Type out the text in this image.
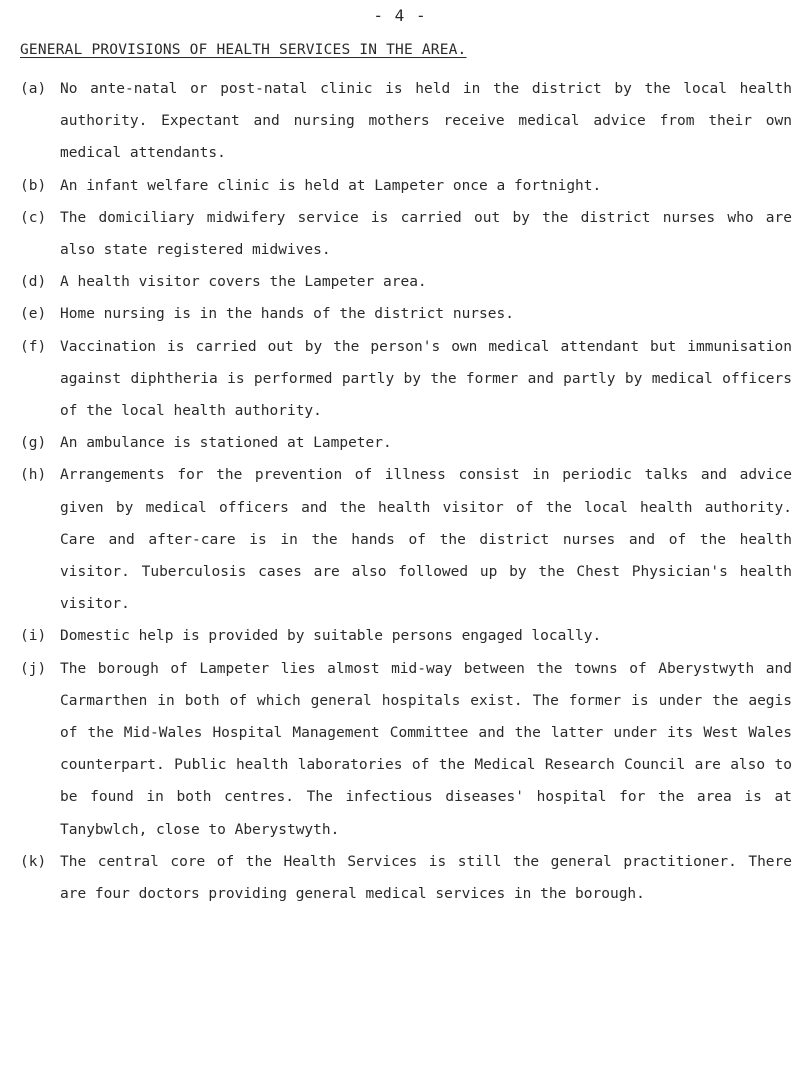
- 4 -
GENERAL PROVISIONS OF HEALTH SERVICES IN THE AREA.
(a) No ante-natal or post-natal clinic is held in the district by the local health authority. Expectant and nursing mothers receive medical advice from their own medical attendants.
(b) An infant welfare clinic is held at Lampeter once a fortnight.
(c) The domiciliary midwifery service is carried out by the district nurses who are also state registered midwives.
(d) A health visitor covers the Lampeter area.
(e) Home nursing is in the hands of the district nurses.
(f) Vaccination is carried out by the person's own medical attendant but immunisation against diphtheria is performed partly by the former and partly by medical officers of the local health authority.
(g) An ambulance is stationed at Lampeter.
(h) Arrangements for the prevention of illness consist in periodic talks and advice given by medical officers and the health visitor of the local health authority. Care and after-care is in the hands of the district nurses and of the health visitor. Tuberculosis cases are also followed up by the Chest Physician's health visitor.
(i) Domestic help is provided by suitable persons engaged locally.
(j) The borough of Lampeter lies almost mid-way between the towns of Aberystwyth and Carmarthen in both of which general hospitals exist. The former is under the aegis of the Mid-Wales Hospital Management Committee and the latter under its West Wales counterpart. Public health laboratories of the Medical Research Council are also to be found in both centres. The infectious diseases' hospital for the area is at Tanybwlch, close to Aberystwyth.
(k) The central core of the Health Services is still the general practitioner. There are four doctors providing general medical services in the borough.
